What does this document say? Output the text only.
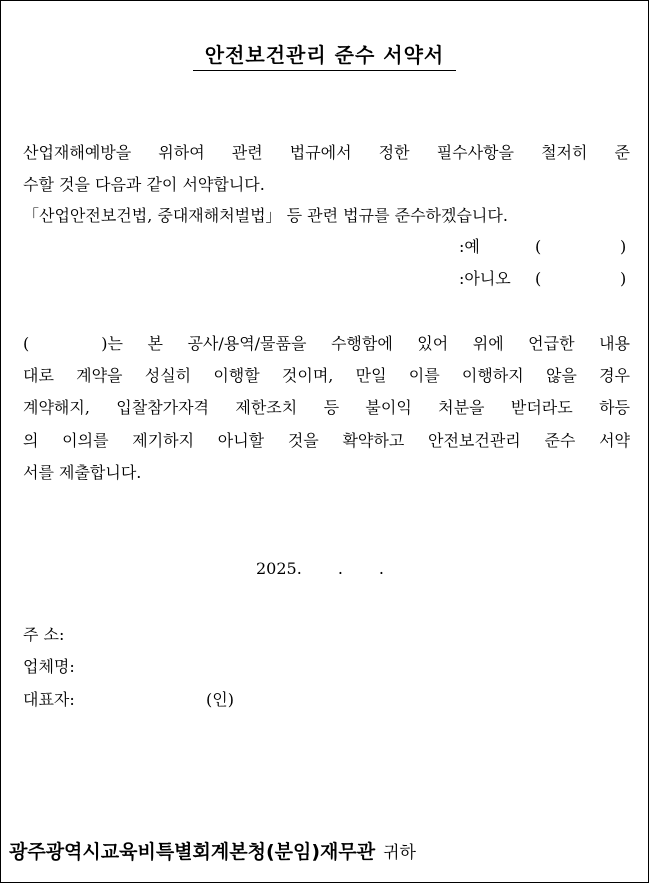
안전보건관리 준수 서약서
산업재해예방을 위하여 관련 법규에서 정한 필수사항을 철저히 준
수할 것을 다음과 같이 서약합니다.
「산업안전보건법, 중대재해처벌법」 등 관련 법규를 준수하겠습니다.
:예	(	)
:아니오 (	)
(	)는 본 공사/용역/물품을 수행함에 있어 위에 언급한 내용
대로 계약을 성실히 이행할 것이며, 만일 이를 이행하지 않을 경우
계약해지, 입찰참가자격 제한조치 등 불이익 처분을 받더라도 하등
의 이의를 제기하지 아니할 것을 확약하고 안전보건관리 준수 서약
서를 제출합니다.
2025. . .
주 소:
업체명:
대표자:	(인)
광주광역시교육비특별회계본청(분임)재무관 귀하
